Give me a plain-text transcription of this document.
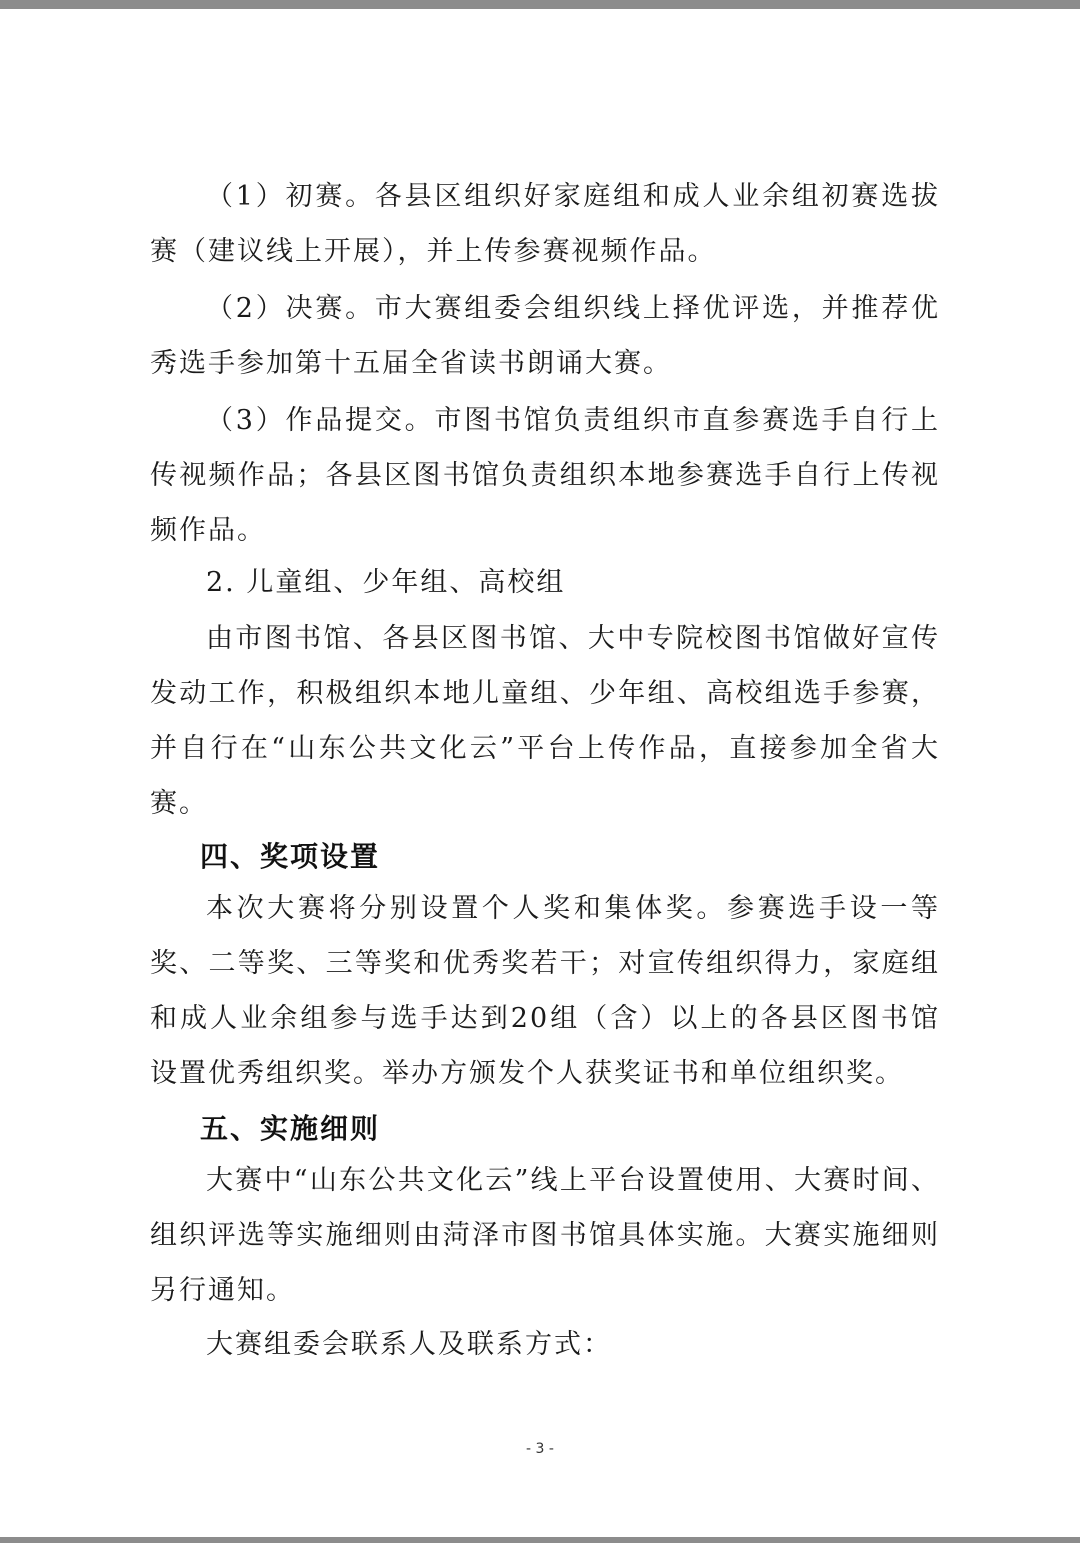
（1）初赛。各县区组织好家庭组和成人业余组初赛选拔赛（建议线上开展），并上传参赛视频作品。

（2）决赛。市大赛组委会组织线上择优评选，并推荐优秀选手参加第十五届全省读书朗诵大赛。

（3）作品提交。市图书馆负责组织市直参赛选手自行上传视频作品；各县区图书馆负责组织本地参赛选手自行上传视频作品。

2. 儿童组、少年组、高校组

由市图书馆、各县区图书馆、大中专院校图书馆做好宣传发动工作，积极组织本地儿童组、少年组、高校组选手参赛，并自行在“山东公共文化云”平台上传作品，直接参加全省大赛。

四、奖项设置

本次大赛将分别设置个人奖和集体奖。参赛选手设一等奖、二等奖、三等奖和优秀奖若干；对宣传组织得力，家庭组和成人业余组参与选手达到20组（含）以上的各县区图书馆设置优秀组织奖。举办方颁发个人获奖证书和单位组织奖。

五、实施细则

大赛中“山东公共文化云”线上平台设置使用、大赛时间、组织评选等实施细则由菏泽市图书馆具体实施。大赛实施细则另行通知。

大赛组委会联系人及联系方式：

- 3 -
